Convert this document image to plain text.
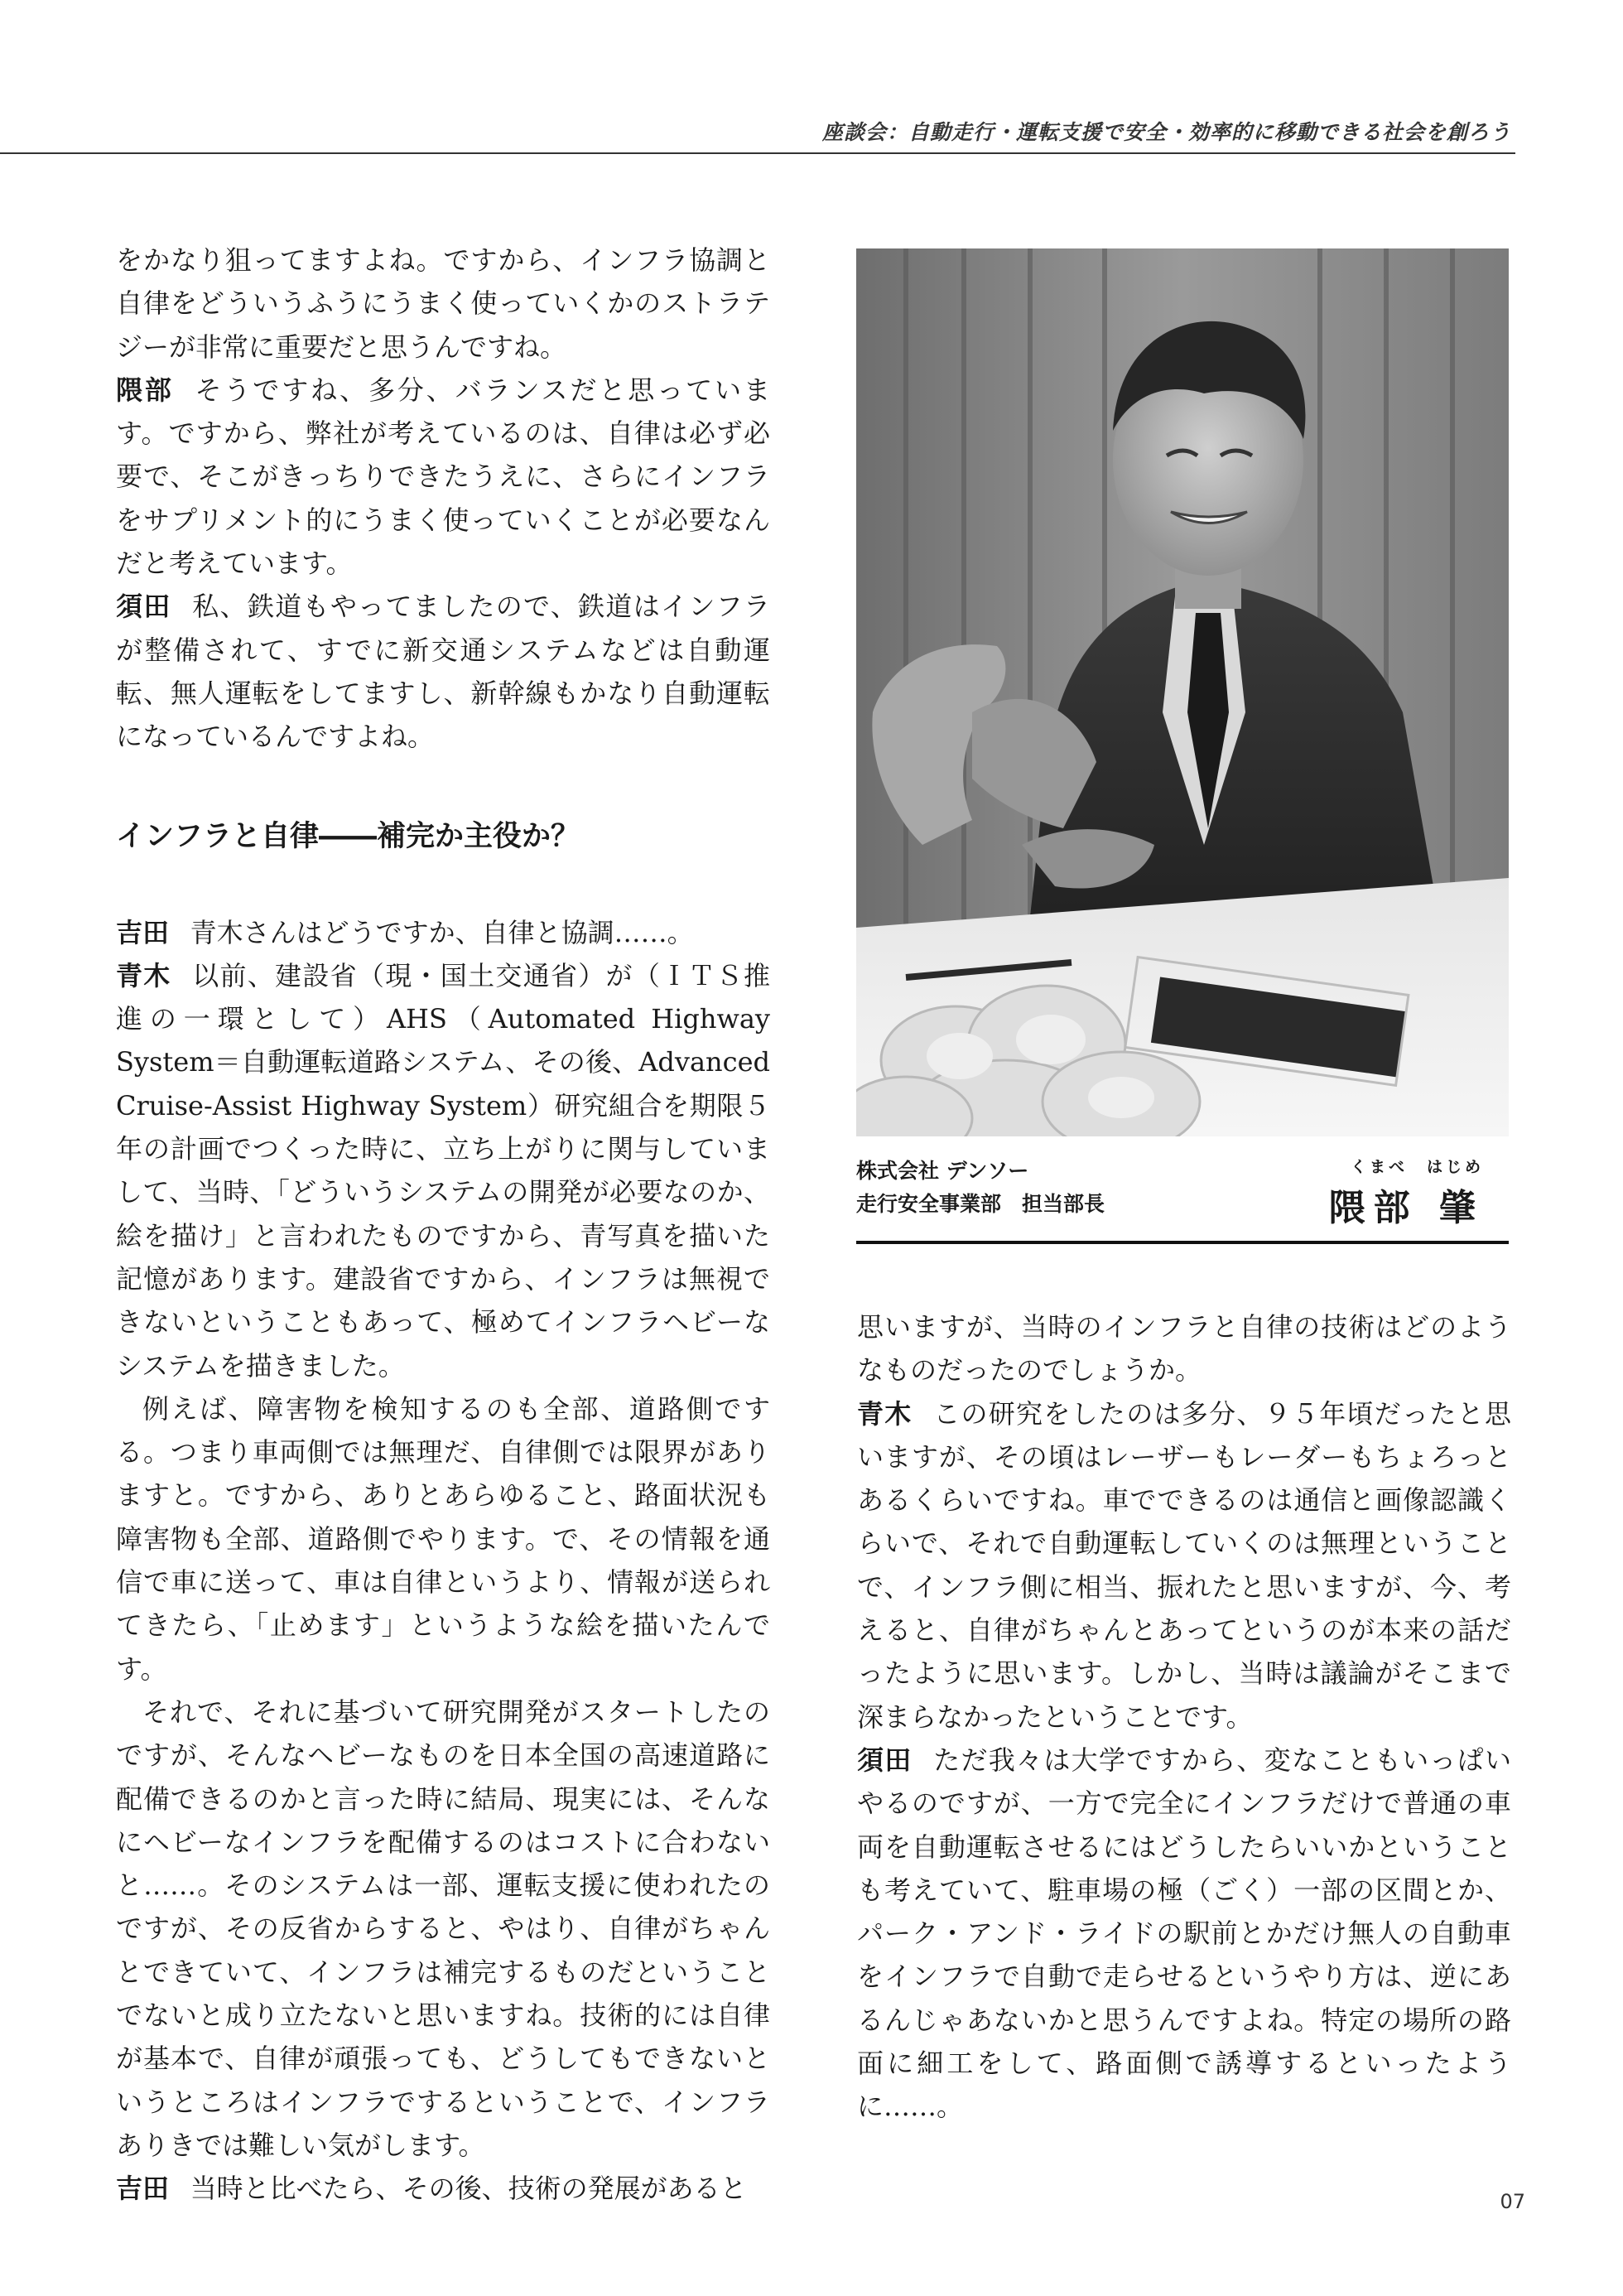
座談会：自動走行・運転支援で安全・効率的に移動できる社会を創ろう

をかなり狙ってますよね。ですから、インフラ協調と自律をどういうふうにうまく使っていくかのストラテジーが非常に重要だと思うんですね。

隈部 そうですね、多分、バランスだと思っています。ですから、弊社が考えているのは、自律は必ず必要で、そこがきっちりできたうえに、さらにインフラをサプリメント的にうまく使っていくことが必要なんだと考えています。

須田 私、鉄道もやってましたので、鉄道はインフラが整備されて、すでに新交通システムなどは自動運転、無人運転をしてますし、新幹線もかなり自動運転になっているんですよね。

インフラと自律――補完か主役か？

吉田 青木さんはどうですか、自律と協調……。

青木 以前、建設省（現・国土交通省）が（ＩＴＳ推進の一環として）AHS（Automated Highway System＝自動運転道路システム、その後、Advanced Cruise-Assist Highway System）研究組合を期限５年の計画でつくった時に、立ち上がりに関与していまして、当時、「どういうシステムの開発が必要なのか、絵を描け」と言われたものですから、青写真を描いた記憶があります。建設省ですから、インフラは無視できないということもあって、極めてインフラヘビーなシステムを描きました。

例えば、障害物を検知するのも全部、道路側でする。つまり車両側では無理だ、自律側では限界がありますと。ですから、ありとあらゆること、路面状況も障害物も全部、道路側でやります。で、その情報を通信で車に送って、車は自律というより、情報が送られてきたら、「止めます」というような絵を描いたんです。

それで、それに基づいて研究開発がスタートしたのですが、そんなヘビーなものを日本全国の高速道路に配備できるのかと言った時に結局、現実には、そんなにヘビーなインフラを配備するのはコストに合わないと……。そのシステムは一部、運転支援に使われたのですが、その反省からすると、やはり、自律がちゃんとできていて、インフラは補完するものだということでないと成り立たないと思いますね。技術的には自律が基本で、自律が頑張っても、どうしてもできないというところはインフラでするということで、インフラありきでは難しい気がします。

吉田 当時と比べたら、その後、技術の発展があると

株式会社 デンソー
走行安全事業部　担当部長
くまべ　はじめ
隈部 肇

思いますが、当時のインフラと自律の技術はどのようなものだったのでしょうか。

青木 この研究をしたのは多分、９５年頃だったと思いますが、その頃はレーザーもレーダーもちょろっとあるくらいですね。車でできるのは通信と画像認識くらいで、それで自動運転していくのは無理ということで、インフラ側に相当、振れたと思いますが、今、考えると、自律がちゃんとあってというのが本来の話だったように思います。しかし、当時は議論がそこまで深まらなかったということです。

須田 ただ我々は大学ですから、変なこともいっぱいやるのですが、一方で完全にインフラだけで普通の車両を自動運転させるにはどうしたらいいかということも考えていて、駐車場の極（ごく）一部の区間とか、パーク・アンド・ライドの駅前とかだけ無人の自動車をインフラで自動で走らせるというやり方は、逆にあるんじゃあないかと思うんですよね。特定の場所の路面に細工をして、路面側で誘導するといったように……。

07
